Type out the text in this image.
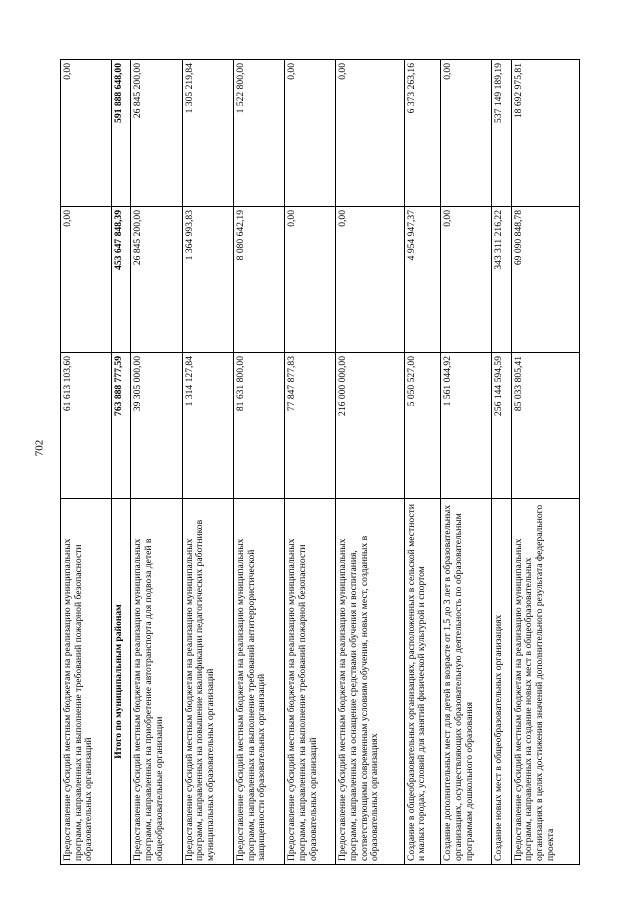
702
Предоставление субсидий местным бюджетам на реализацию муниципальных программ, направленных на выполнение требований пожарной безопасности образовательных организаций	61 613 103,60	0,00	0,00
Итого по муниципальным районам	763 888 777,59	453 647 848,39	591 888 648,00
Предоставление субсидий местным бюджетам на реализацию муниципальных программ, направленных на приобретение автотранспорта для подвоза детей в общеобразовательные организации	39 305 000,00	26 845 200,00	26 845 200,00
Предоставление субсидий местным бюджетам на реализацию муниципальных программ, направленных на повышение квалификации педагогических работников муниципальных образовательных организаций	1 314 127,84	1 364 993,83	1 305 219,84
Предоставление субсидий местным бюджетам на реализацию муниципальных программ, направленных на выполнение требований антитеррористической защищенности образовательных организаций	81 631 800,00	8 080 642,19	1 522 800,00
Предоставление субсидий местным бюджетам на реализацию муниципальных программ, направленных на выполнение требований пожарной безопасности образовательных организаций	77 847 877,83	0,00	0,00
Предоставление субсидий местным бюджетам на реализацию муниципальных программ, направленных на оснащение средствами обучения и воспитания, соответствующими современным условиям обучения, новых мест, созданных в образовательных организациях	216 000 000,00	0,00	0,00
Создание в общеобразовательных организациях, расположенных в сельской местности и малых городах, условий для занятий физической культурой и спортом	5 050 527,00	4 954 947,37	6 373 263,16
Создание дополнительных мест для детей в возрасте от 1,5 до 3 лет в образовательных организациях, осуществляющих образовательную деятельность по образовательным программам дошкольного образования	1 561 044,92	0,00	0,00
Создание новых мест в общеобразовательных организациях	256 144 594,59	343 311 216,22	537 149 189,19
Предоставление субсидий местным бюджетам на реализацию муниципальных программ, направленных на создание новых мест в общеобразовательных организациях в целях достижения значений дополнительного результата федерального проекта	85 033 805,41	69 090 848,78	18 692 975,81
